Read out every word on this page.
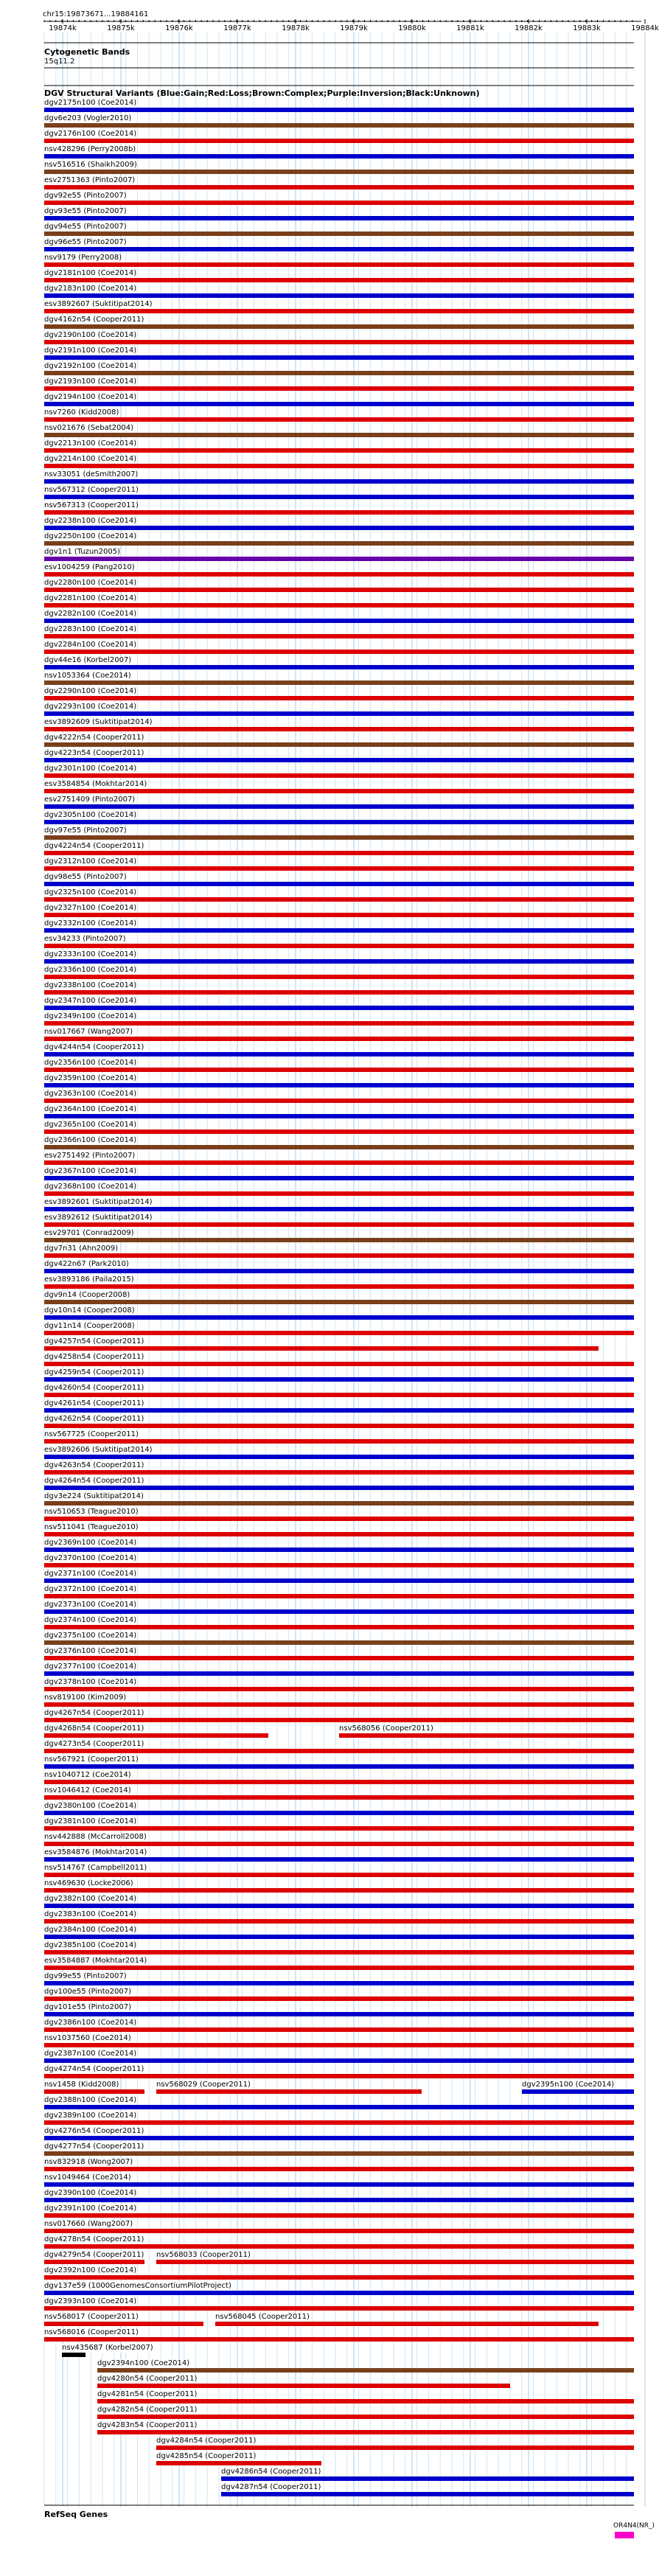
chr15:19873671...19884161
19874k	19875k	19876k	19877k	19878k	19879k	19880k	19881k	19882k	19883k	19884k
Cytogenetic Bands
15q11.2
DGV Structural Variants (Blue:Gain;Red:Loss;Brown:Complex;Purple:Inversion;Black:Unknown)
dgv2175n100 (Coe2014)
dgv6e203 (Vogler2010)
dgv2176n100 (Coe2014)
nsv428296 (Perry2008b)
nsv516516 (Shaikh2009)
esv2751363 (Pinto2007)
dgv92e55 (Pinto2007)
dgv93e55 (Pinto2007)
dgv94e55 (Pinto2007)
dgv96e55 (Pinto2007)
nsv9179 (Perry2008)
dgv2181n100 (Coe2014)
dgv2183n100 (Coe2014)
esv3892607 (Suktitipat2014)
dgv4162n54 (Cooper2011)
dgv2190n100 (Coe2014)
dgv2191n100 (Coe2014)
dgv2192n100 (Coe2014)
dgv2193n100 (Coe2014)
dgv2194n100 (Coe2014)
nsv7260 (Kidd2008)
nsv021676 (Sebat2004)
dgv2213n100 (Coe2014)
dgv2214n100 (Coe2014)
nsv33051 (deSmith2007)
nsv567312 (Cooper2011)
nsv567313 (Cooper2011)
dgv2238n100 (Coe2014)
dgv2250n100 (Coe2014)
dgv1n1 (Tuzun2005)
esv1004259 (Pang2010)
dgv2280n100 (Coe2014)
dgv2281n100 (Coe2014)
dgv2282n100 (Coe2014)
dgv2283n100 (Coe2014)
dgv2284n100 (Coe2014)
dgv44e16 (Korbel2007)
nsv1053364 (Coe2014)
dgv2290n100 (Coe2014)
dgv2293n100 (Coe2014)
esv3892609 (Suktitipat2014)
dgv4222n54 (Cooper2011)
dgv4223n54 (Cooper2011)
dgv2301n100 (Coe2014)
esv3584854 (Mokhtar2014)
esv2751409 (Pinto2007)
dgv2305n100 (Coe2014)
dgv97e55 (Pinto2007)
dgv4224n54 (Cooper2011)
dgv2312n100 (Coe2014)
dgv98e55 (Pinto2007)
dgv2325n100 (Coe2014)
dgv2327n100 (Coe2014)
dgv2332n100 (Coe2014)
esv34233 (Pinto2007)
dgv2333n100 (Coe2014)
dgv2336n100 (Coe2014)
dgv2338n100 (Coe2014)
dgv2347n100 (Coe2014)
dgv2349n100 (Coe2014)
nsv017667 (Wang2007)
dgv4244n54 (Cooper2011)
dgv2356n100 (Coe2014)
dgv2359n100 (Coe2014)
dgv2363n100 (Coe2014)
dgv2364n100 (Coe2014)
dgv2365n100 (Coe2014)
dgv2366n100 (Coe2014)
esv2751492 (Pinto2007)
dgv2367n100 (Coe2014)
dgv2368n100 (Coe2014)
esv3892601 (Suktitipat2014)
esv3892612 (Suktitipat2014)
esv29701 (Conrad2009)
dgv7n31 (Ahn2009)
dgv422n67 (Park2010)
esv3893186 (Paila2015)
dgv9n14 (Cooper2008)
dgv10n14 (Cooper2008)
dgv11n14 (Cooper2008)
dgv4257n54 (Cooper2011)
dgv4258n54 (Cooper2011)
dgv4259n54 (Cooper2011)
dgv4260n54 (Cooper2011)
dgv4261n54 (Cooper2011)
dgv4262n54 (Cooper2011)
nsv567725 (Cooper2011)
esv3892606 (Suktitipat2014)
dgv4263n54 (Cooper2011)
dgv4264n54 (Cooper2011)
dgv3e224 (Suktitipat2014)
nsv510653 (Teague2010)
nsv511041 (Teague2010)
dgv2369n100 (Coe2014)
dgv2370n100 (Coe2014)
dgv2371n100 (Coe2014)
dgv2372n100 (Coe2014)
dgv2373n100 (Coe2014)
dgv2374n100 (Coe2014)
dgv2375n100 (Coe2014)
dgv2376n100 (Coe2014)
dgv2377n100 (Coe2014)
dgv2378n100 (Coe2014)
nsv819100 (Kim2009)
dgv4267n54 (Cooper2011)
dgv4268n54 (Cooper2011)	nsv568056 (Cooper2011)
dgv4273n54 (Cooper2011)
nsv567921 (Cooper2011)
nsv1040712 (Coe2014)
nsv1046412 (Coe2014)
dgv2380n100 (Coe2014)
dgv2381n100 (Coe2014)
nsv442888 (McCarroll2008)
esv3584876 (Mokhtar2014)
nsv514767 (Campbell2011)
nsv469630 (Locke2006)
dgv2382n100 (Coe2014)
dgv2383n100 (Coe2014)
dgv2384n100 (Coe2014)
dgv2385n100 (Coe2014)
esv3584887 (Mokhtar2014)
dgv99e55 (Pinto2007)
dgv100e55 (Pinto2007)
dgv101e55 (Pinto2007)
dgv2386n100 (Coe2014)
nsv1037560 (Coe2014)
dgv2387n100 (Coe2014)
dgv4274n54 (Cooper2011)
nsv1458 (Kidd2008)	nsv568029 (Cooper2011)	dgv2395n100 (Coe2014)
dgv2388n100 (Coe2014)
dgv2389n100 (Coe2014)
dgv4276n54 (Cooper2011)
dgv4277n54 (Cooper2011)
nsv832918 (Wong2007)
nsv1049464 (Coe2014)
dgv2390n100 (Coe2014)
dgv2391n100 (Coe2014)
nsv017660 (Wang2007)
dgv4278n54 (Cooper2011)
dgv4279n54 (Cooper2011) nsv568033 (Cooper2011)
dgv2392n100 (Coe2014)
dgv137e59 (1000GenomesConsortiumPilotProject)
dgv2393n100 (Coe2014)
nsv568017 (Cooper2011)	nsv568045 (Cooper2011)
nsv568016 (Cooper2011)
nsv435687 (Korbel2007)
dgv2394n100 (Coe2014)
dgv4280n54 (Cooper2011)
dgv4281n54 (Cooper2011)
dgv4282n54 (Cooper2011)
dgv4283n54 (Cooper2011)
dgv4284n54 (Cooper2011)
dgv4285n54 (Cooper2011)
dgv4286n54 (Cooper2011)
dgv4287n54 (Cooper2011)
RefSeq Genes
OR4N4(NR_)
